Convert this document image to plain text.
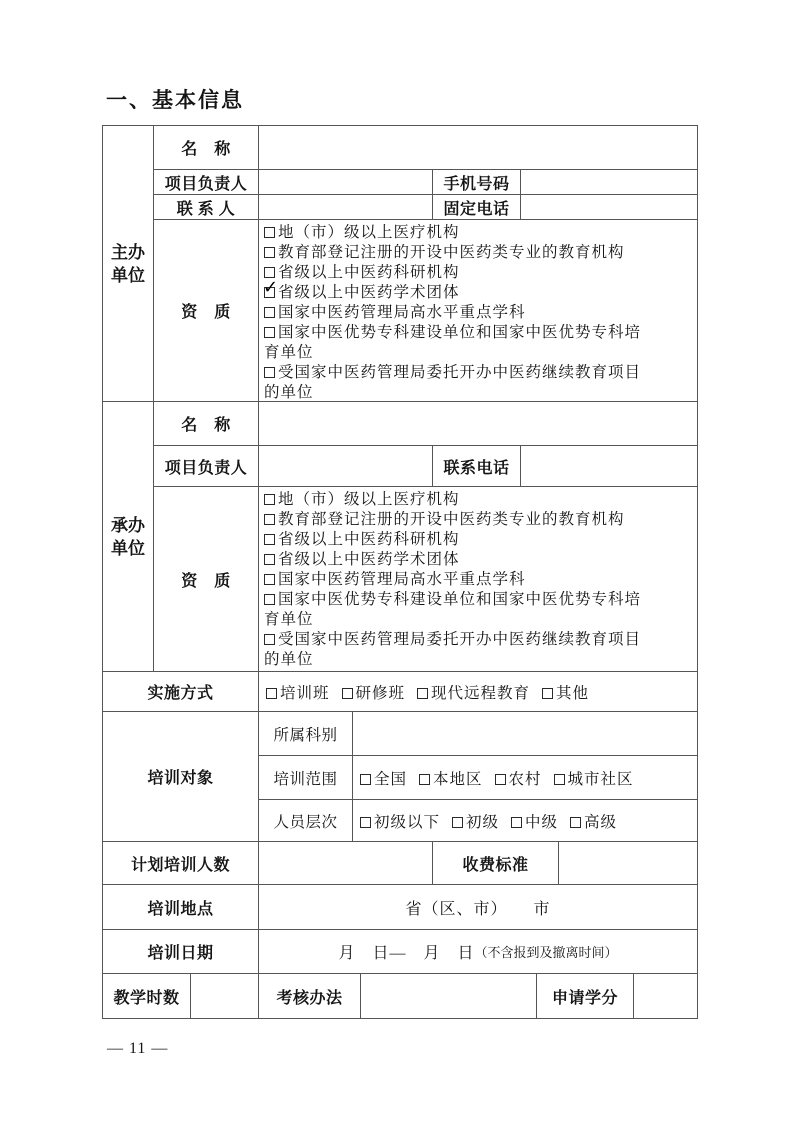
一、基本信息
主办
单位
名　称
项目负责人	手机号码
联 系 人	固定电话
资　质
地（市）级以上医疗机构
教育部登记注册的开设中医药类专业的教育机构
省级以上中医药科研机构
✓省级以上中医药学术团体
国家中医药管理局高水平重点学科
国家中医优势专科建设单位和国家中医优势专科培
育单位
受国家中医药管理局委托开办中医药继续教育项目
的单位
承办
单位
名　称
项目负责人	联系电话
资　质
地（市）级以上医疗机构
教育部登记注册的开设中医药类专业的教育机构
省级以上中医药科研机构
省级以上中医药学术团体
国家中医药管理局高水平重点学科
国家中医优势专科建设单位和国家中医优势专科培
育单位
受国家中医药管理局委托开办中医药继续教育项目
的单位
实施方式	培训班	研修班	现代远程教育	其他
培训对象
所属科别
培训范围	全国	本地区	农村	城市社区
人员层次	初级以下	初级	中级	高级
计划培训人数	收费标准
培训地点	省（区、市）　　市
培训日期	月　日—　月　日 （不含报到及撤离时间）
教学时数	考核办法	申请学分
— 11 —
